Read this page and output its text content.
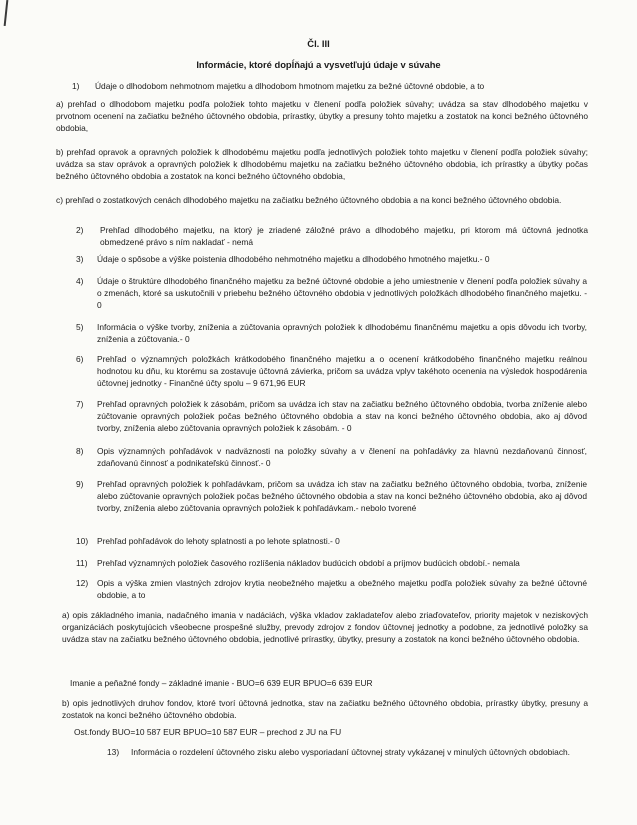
Čl. III
Informácie, ktoré dopĺňajú a vysvetľujú údaje v súvahe
1) Údaje o dlhodobom nehmotnom majetku a dlhodobom hmotnom majetku za bežné účtovné obdobie, a to

a) prehľad o dlhodobom majetku podľa položiek tohto majetku v členení podľa položiek súvahy; uvádza sa stav dlhodobého majetku v prvotnom ocenení na začiatku bežného účtovného obdobia, prírastky, úbytky a presuny tohto majetku a zostatok na konci bežného účtovného obdobia,

b) prehľad opravok a opravných položiek k dlhodobému majetku podľa jednotlivých položiek tohto majetku v členení podľa položiek súvahy; uvádza sa stav oprávok a opravných položiek k dlhodobému majetku na začiatku bežného účtovného obdobia, ich prírastky a úbytky počas bežného účtovného obdobia a zostatok na konci bežného účtovného obdobia,

c) prehľad o zostatkových cenách dlhodobého majetku na začiatku bežného účtovného obdobia a na konci bežného účtovného obdobia.

2) Prehľad dlhodobého majetku, na ktorý je zriadené záložné právo a dlhodobého majetku, pri ktorom má účtovná jednotka obmedzené právo s ním nakladať - nemá

3) Údaje o spôsobe a výške poistenia dlhodobého nehmotného majetku a dlhodobého hmotného majetku.- 0

4) Údaje o štruktúre dlhodobého finančného majetku za bežné účtovné obdobie a jeho umiestnenie v členení podľa položiek súvahy a o zmenách, ktoré sa uskutočnili v priebehu bežného účtovného obdobia v jednotlivých položkách dlhodobého finančného majetku. - 0

5) Informácia o výške tvorby, zníženia a zúčtovania opravných položiek k dlhodobému finančnému majetku a opis dôvodu ich tvorby, zníženia a zúčtovania.- 0

6) Prehľad o významných položkách krátkodobého finančného majetku a o ocenení krátkodobého finančného majetku reálnou hodnotou ku dňu, ku ktorému sa zostavuje účtovná závierka, pričom sa uvádza vplyv takéhoto ocenenia na výsledok hospodárenia účtovnej jednotky - Finančné účty spolu – 9 671,96 EUR

7) Prehľad opravných položiek k zásobám, pričom sa uvádza ich stav na začiatku bežného účtovného obdobia, tvorba zníženie alebo zúčtovanie opravných položiek počas bežného účtovného obdobia a stav na konci bežného účtovného obdobia, ako aj dôvod tvorby, zníženia alebo zúčtovania opravných položiek k zásobám. - 0

8) Opis významných pohľadávok v nadväznosti na položky súvahy a v členení na pohľadávky za hlavnú nezdaňovanú činnosť, zdaňovanú činnosť a podnikateľskú činnosť.- 0

9) Prehľad opravných položiek k pohľadávkam, pričom sa uvádza ich stav na začiatku bežného účtovného obdobia, tvorba, zníženie alebo zúčtovanie opravných položiek počas bežného účtovného obdobia a stav na konci bežného účtovného obdobia, ako aj dôvod tvorby, zníženia alebo zúčtovania opravných položiek k pohľadávkam.- nebolo tvorené

10) Prehľad pohľadávok do lehoty splatnosti a po lehote splatnosti.- 0

11) Prehľad významných položiek časového rozlíšenia nákladov budúcich období a príjmov budúcich období.- nemala

12) Opis a výška zmien vlastných zdrojov krytia neobežného majetku a obežného majetku podľa položiek súvahy za bežné účtovné obdobie, a to

a) opis základného imania, nadačného imania v nadáciách, výška vkladov zakladateľov alebo zriaďovateľov, priority majetok v neziskových organizáciách poskytujúcich všeobecne prospešné služby, prevody zdrojov z fondov účtovnej jednotky a podobne, za jednotlivé položky sa uvádza stav na začiatku bežného účtovného obdobia, jednotlivé prírastky, úbytky, presuny a zostatok na konci bežného účtovného obdobia.

Imanie a peňažné fondy – základné imanie - BUO=6 639 EUR BPUO=6 639 EUR

b) opis jednotlivých druhov fondov, ktoré tvorí účtovná jednotka, stav na začiatku bežného účtovného obdobia, prírastky úbytky, presuny a zostatok na konci bežného účtovného obdobia.

Ost.fondy BUO=10 587 EUR BPUO=10 587 EUR – prechod z JU na FU

13) Informácia o rozdelení účtovného zisku alebo vysporiadaní účtovnej straty vykázanej v minulých účtovných obdobiach.
